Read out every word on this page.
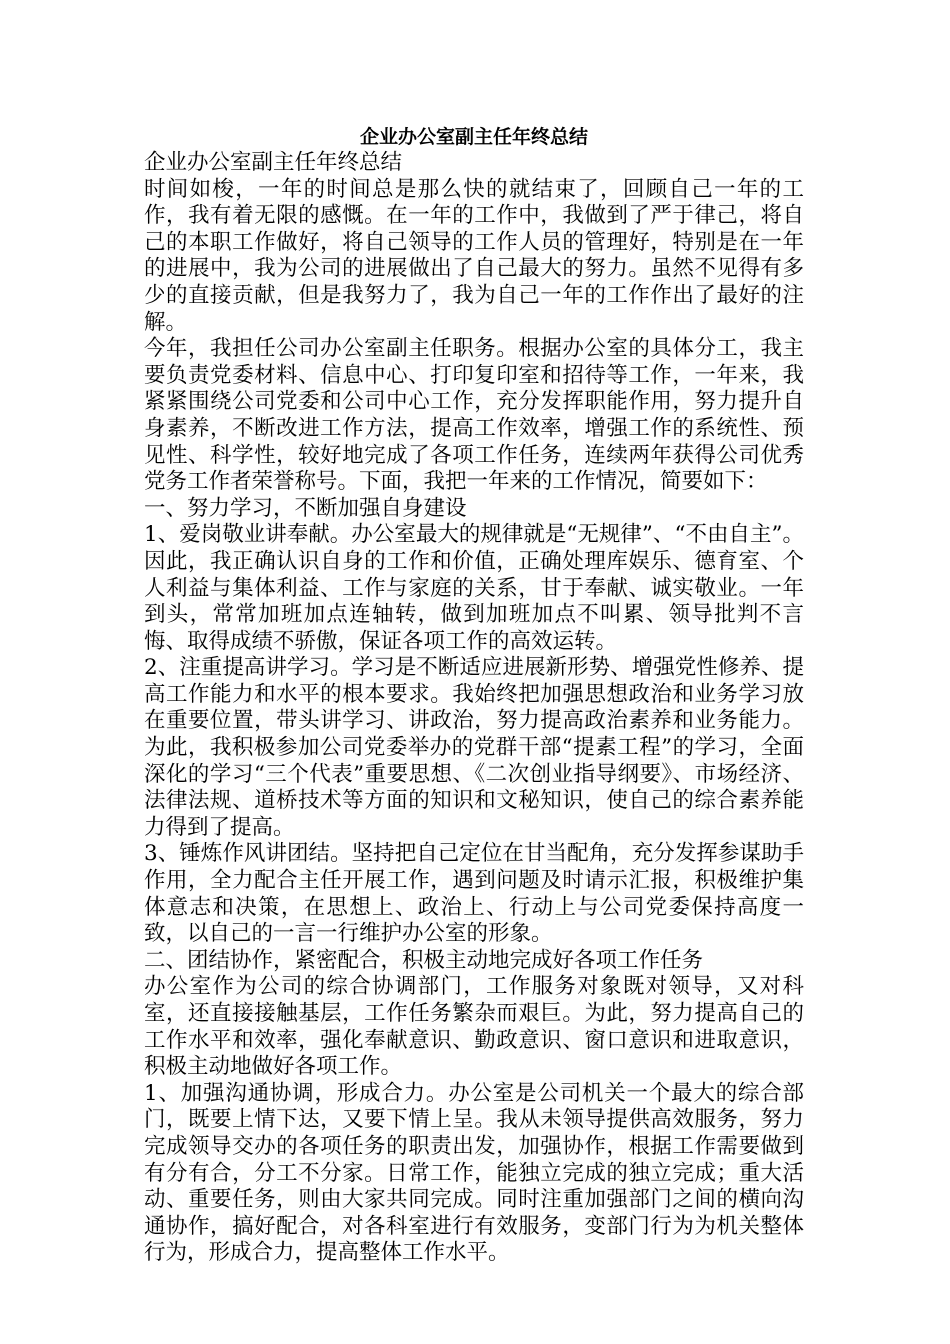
企业办公室副主任年终总结

企业办公室副主任年终总结

时间如梭，一年的时间总是那么快的就结束了，回顾自己一年的工作，我有着无限的感慨。在一年的工作中，我做到了严于律己，将自己的本职工作做好，将自己领导的工作人员的管理好，特别是在一年的进展中，我为公司的进展做出了自己最大的努力。虽然不见得有多少的直接贡献，但是我努力了，我为自己一年的工作作出了最好的注解。

今年，我担任公司办公室副主任职务。根据办公室的具体分工，我主要负责党委材料、信息中心、打印复印室和招待等工作，一年来，我紧紧围绕公司党委和公司中心工作，充分发挥职能作用，努力提升自身素养，不断改进工作方法，提高工作效率，增强工作的系统性、预见性、科学性，较好地完成了各项工作任务，连续两年获得公司优秀党务工作者荣誉称号。下面，我把一年来的工作情况，简要如下：

一、努力学习，不断加强自身建设

1、爱岗敬业讲奉献。办公室最大的规律就是“无规律”、“不由自主”。因此，我正确认识自身的工作和价值，正确处理库娱乐、德育室、个人利益与集体利益、工作与家庭的关系，甘于奉献、诚实敬业。一年到头，常常加班加点连轴转，做到加班加点不叫累、领导批判不言悔、取得成绩不骄傲，保证各项工作的高效运转。

2、注重提高讲学习。学习是不断适应进展新形势、增强党性修养、提高工作能力和水平的根本要求。我始终把加强思想政治和业务学习放在重要位置，带头讲学习、讲政治，努力提高政治素养和业务能力。为此，我积极参加公司党委举办的党群干部“提素工程”的学习，全面深化的学习“三个代表”重要思想、《二次创业指导纲要》、市场经济、法律法规、道桥技术等方面的知识和文秘知识，使自己的综合素养能力得到了提高。

3、锤炼作风讲团结。坚持把自己定位在甘当配角，充分发挥参谋助手作用，全力配合主任开展工作，遇到问题及时请示汇报，积极维护集体意志和决策，在思想上、政治上、行动上与公司党委保持高度一致，以自己的一言一行维护办公室的形象。

二、团结协作，紧密配合，积极主动地完成好各项工作任务

办公室作为公司的综合协调部门，工作服务对象既对领导，又对科室，还直接接触基层，工作任务繁杂而艰巨。为此，努力提高自己的工作水平和效率，强化奉献意识、勤政意识、窗口意识和进取意识，积极主动地做好各项工作。

1、加强沟通协调，形成合力。办公室是公司机关一个最大的综合部门，既要上情下达，又要下情上呈。我从未领导提供高效服务，努力完成领导交办的各项任务的职责出发，加强协作，根据工作需要做到有分有合，分工不分家。日常工作，能独立完成的独立完成；重大活动、重要任务，则由大家共同完成。同时注重加强部门之间的横向沟通协作，搞好配合，对各科室进行有效服务，变部门行为为机关整体行为，形成合力，提高整体工作水平。
